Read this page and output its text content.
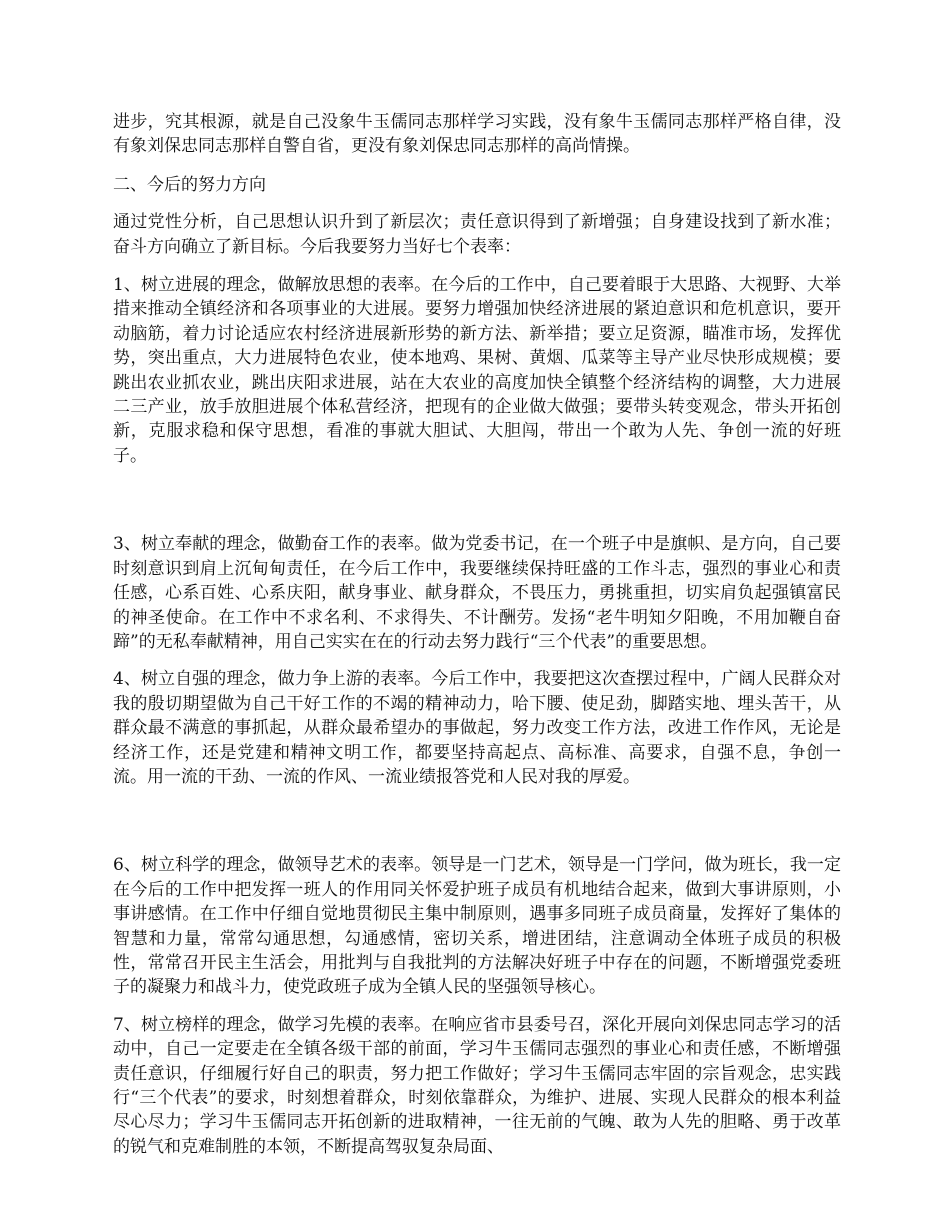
进步，究其根源，就是自己没象牛玉儒同志那样学习实践，没有象牛玉儒同志那样严格自律，没有象刘保忠同志那样自警自省，更没有象刘保忠同志那样的高尚情操。

二、今后的努力方向

通过党性分析，自己思想认识升到了新层次；责任意识得到了新增强；自身建设找到了新水准；奋斗方向确立了新目标。今后我要努力当好七个表率：

1、树立进展的理念，做解放思想的表率。在今后的工作中，自己要着眼于大思路、大视野、大举措来推动全镇经济和各项事业的大进展。要努力增强加快经济进展的紧迫意识和危机意识，要开动脑筋，着力讨论适应农村经济进展新形势的新方法、新举措；要立足资源，瞄准市场，发挥优势，突出重点，大力进展特色农业，使本地鸡、果树、黄烟、瓜菜等主导产业尽快形成规模；要跳出农业抓农业，跳出庆阳求进展，站在大农业的高度加快全镇整个经济结构的调整，大力进展二三产业，放手放胆进展个体私营经济，把现有的企业做大做强；要带头转变观念，带头开拓创新，克服求稳和保守思想，看准的事就大胆试、大胆闯，带出一个敢为人先、争创一流的好班子。

3、树立奉献的理念，做勤奋工作的表率。做为党委书记，在一个班子中是旗帜、是方向，自己要时刻意识到肩上沉甸甸责任，在今后工作中，我要继续保持旺盛的工作斗志，强烈的事业心和责任感，心系百姓、心系庆阳，献身事业、献身群众，不畏压力，勇挑重担，切实肩负起强镇富民的神圣使命。在工作中不求名利、不求得失、不计酬劳。发扬“老牛明知夕阳晚，不用加鞭自奋蹄”的无私奉献精神，用自己实实在在的行动去努力践行“三个代表”的重要思想。

4、树立自强的理念，做力争上游的表率。今后工作中，我要把这次查摆过程中，广阔人民群众对我的殷切期望做为自己干好工作的不竭的精神动力，哈下腰、使足劲，脚踏实地、埋头苦干，从群众最不满意的事抓起，从群众最希望办的事做起，努力改变工作方法，改进工作作风，无论是经济工作，还是党建和精神文明工作，都要坚持高起点、高标准、高要求，自强不息，争创一流。用一流的干劲、一流的作风、一流业绩报答党和人民对我的厚爱。

6、树立科学的理念，做领导艺术的表率。领导是一门艺术，领导是一门学问，做为班长，我一定在今后的工作中把发挥一班人的作用同关怀爱护班子成员有机地结合起来，做到大事讲原则，小事讲感情。在工作中仔细自觉地贯彻民主集中制原则，遇事多同班子成员商量，发挥好了集体的智慧和力量，常常勾通思想，勾通感情，密切关系，增进团结，注意调动全体班子成员的积极性，常常召开民主生活会，用批判与自我批判的方法解决好班子中存在的问题，不断增强党委班子的凝聚力和战斗力，使党政班子成为全镇人民的坚强领导核心。

7、树立榜样的理念，做学习先模的表率。在响应省市县委号召，深化开展向刘保忠同志学习的活动中，自己一定要走在全镇各级干部的前面，学习牛玉儒同志强烈的事业心和责任感，不断增强责任意识，仔细履行好自己的职责，努力把工作做好；学习牛玉儒同志牢固的宗旨观念，忠实践行“三个代表”的要求，时刻想着群众，时刻依靠群众，为维护、进展、实现人民群众的根本利益尽心尽力；学习牛玉儒同志开拓创新的进取精神，一往无前的气魄、敢为人先的胆略、勇于改革的锐气和克难制胜的本领，不断提高驾驭复杂局面、
